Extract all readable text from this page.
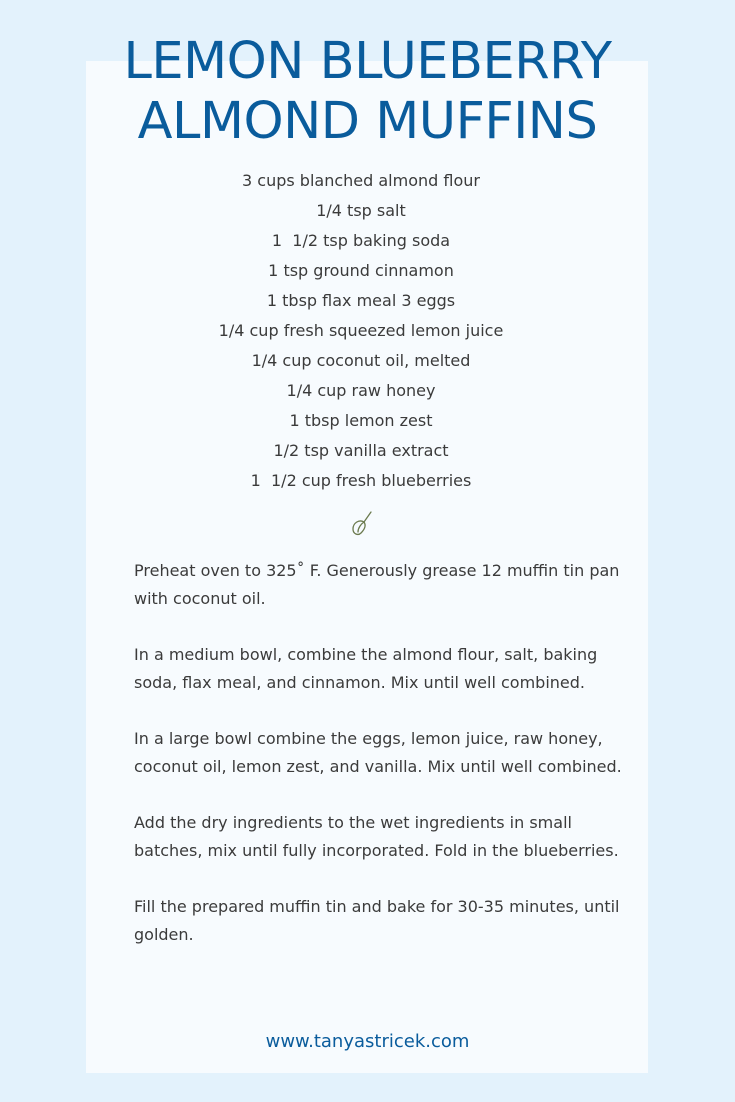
LEMON BLUEBERRY
ALMOND MUFFINS
3 cups blanched almond flour
1/4 tsp salt
1  1/2 tsp baking soda
1 tsp ground cinnamon
1 tbsp flax meal 3 eggs
1/4 cup fresh squeezed lemon juice
1/4 cup coconut oil, melted
1/4 cup raw honey
1 tbsp lemon zest
1/2 tsp vanilla extract
1  1/2 cup fresh blueberries

Preheat oven to 325˚ F. Generously grease 12 muffin tin pan with coconut oil.

In a medium bowl, combine the almond flour, salt, baking soda, flax meal, and cinnamon. Mix until well combined.

In a large bowl combine the eggs, lemon juice, raw honey, coconut oil, lemon zest, and vanilla. Mix until well combined.

Add the dry ingredients to the wet ingredients in small batches, mix until fully incorporated. Fold in the blueberries.

Fill the prepared muffin tin and bake for 30-35 minutes, until golden.

www.tanyastricek.com
